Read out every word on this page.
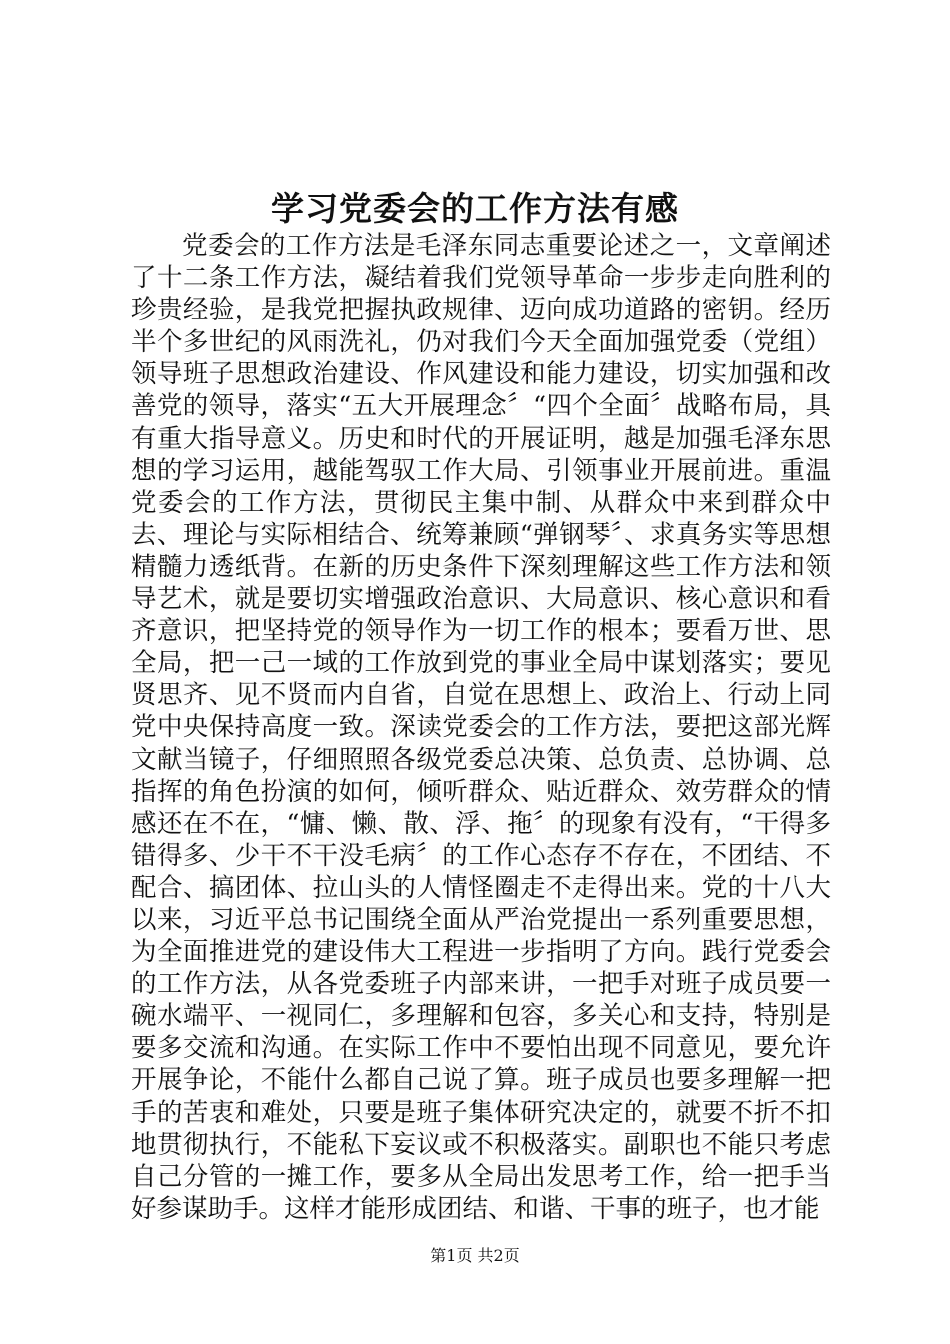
学习党委会的工作方法有感

党委会的工作方法是毛泽东同志重要论述之一，文章阐述了十二条工作方法，凝结着我们党领导革命一步步走向胜利的珍贵经验，是我党把握执政规律、迈向成功道路的密钥。经历半个多世纪的风雨洗礼，仍对我们今天全面加强党委（党组）领导班子思想政治建设、作风建设和能力建设，切实加强和改善党的领导，落实“五大开展理念〞“四个全面〞战略布局，具有重大指导意义。历史和时代的开展证明，越是加强毛泽东思想的学习运用，越能驾驭工作大局、引领事业开展前进。重温党委会的工作方法，贯彻民主集中制、从群众中来到群众中去、理论与实际相结合、统筹兼顾“弹钢琴〞、求真务实等思想精髓力透纸背。在新的历史条件下深刻理解这些工作方法和领导艺术，就是要切实增强政治意识、大局意识、核心意识和看齐意识，把坚持党的领导作为一切工作的根本；要看万世、思全局，把一己一域的工作放到党的事业全局中谋划落实；要见贤思齐、见不贤而内自省，自觉在思想上、政治上、行动上同党中央保持高度一致。深读党委会的工作方法，要把这部光辉文献当镜子，仔细照照各级党委总决策、总负责、总协调、总指挥的角色扮演的如何，倾听群众、贴近群众、效劳群众的情感还在不在，“慵、懒、散、浮、拖〞的现象有没有，“干得多错得多、少干不干没毛病〞的工作心态存不存在，不团结、不配合、搞团体、拉山头的人情怪圈走不走得出来。党的十八大以来，习近平总书记围绕全面从严治党提出一系列重要思想，为全面推进党的建设伟大工程进一步指明了方向。践行党委会的工作方法，从各党委班子内部来讲，一把手对班子成员要一碗水端平、一视同仁，多理解和包容，多关心和支持，特别是要多交流和沟通。在实际工作中不要怕出现不同意见，要允许开展争论，不能什么都自己说了算。班子成员也要多理解一把手的苦衷和难处，只要是班子集体研究决定的，就要不折不扣地贯彻执行，不能私下妄议或不积极落实。副职也不能只考虑自己分管的一摊工作，要多从全局出发思考工作，给一把手当好参谋助手。这样才能形成团结、和谐、干事的班子，也才能

第1页 共2页
